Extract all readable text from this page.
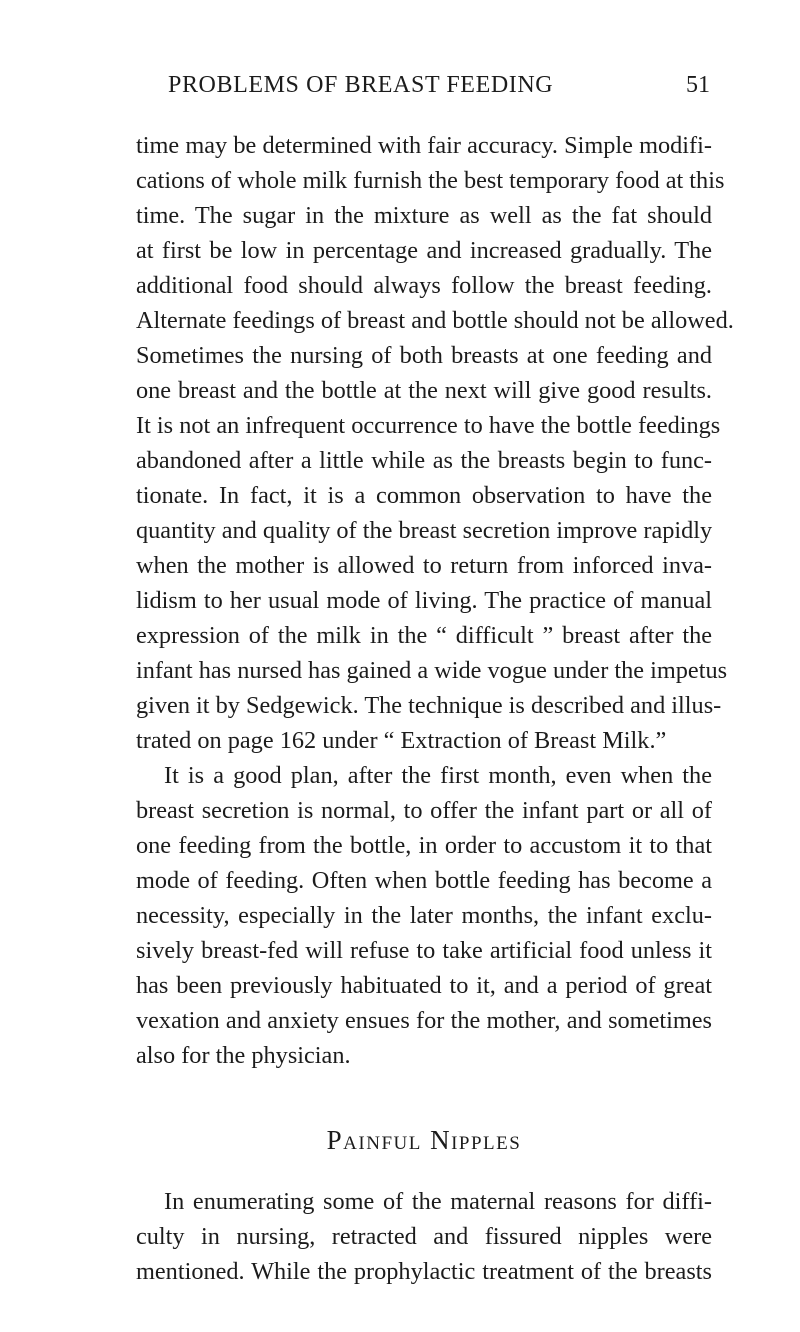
PROBLEMS OF BREAST FEEDING	51
time may be determined with fair accuracy. Simple modifi-
cations of whole milk furnish the best temporary food at this
time. The sugar in the mixture as well as the fat should
at first be low in percentage and increased gradually. The
additional food should always follow the breast feeding.
Alternate feedings of breast and bottle should not be allowed.
Sometimes the nursing of both breasts at one feeding and
one breast and the bottle at the next will give good results.
It is not an infrequent occurrence to have the bottle feedings
abandoned after a little while as the breasts begin to func-
tionate. In fact, it is a common observation to have the
quantity and quality of the breast secretion improve rapidly
when the mother is allowed to return from inforced inva-
lidism to her usual mode of living. The practice of manual
expression of the milk in the “ difficult ” breast after the
infant has nursed has gained a wide vogue under the impetus
given it by Sedgewick. The technique is described and illus-
trated on page 162 under “ Extraction of Breast Milk.”
It is a good plan, after the first month, even when the
breast secretion is normal, to offer the infant part or all of
one feeding from the bottle, in order to accustom it to that
mode of feeding. Often when bottle feeding has become a
necessity, especially in the later months, the infant exclu-
sively breast-fed will refuse to take artificial food unless it
has been previously habituated to it, and a period of great
vexation and anxiety ensues for the mother, and sometimes
also for the physician.
Painful Nipples
In enumerating some of the maternal reasons for diffi-
culty in nursing, retracted and fissured nipples were
mentioned. While the prophylactic treatment of the breasts
